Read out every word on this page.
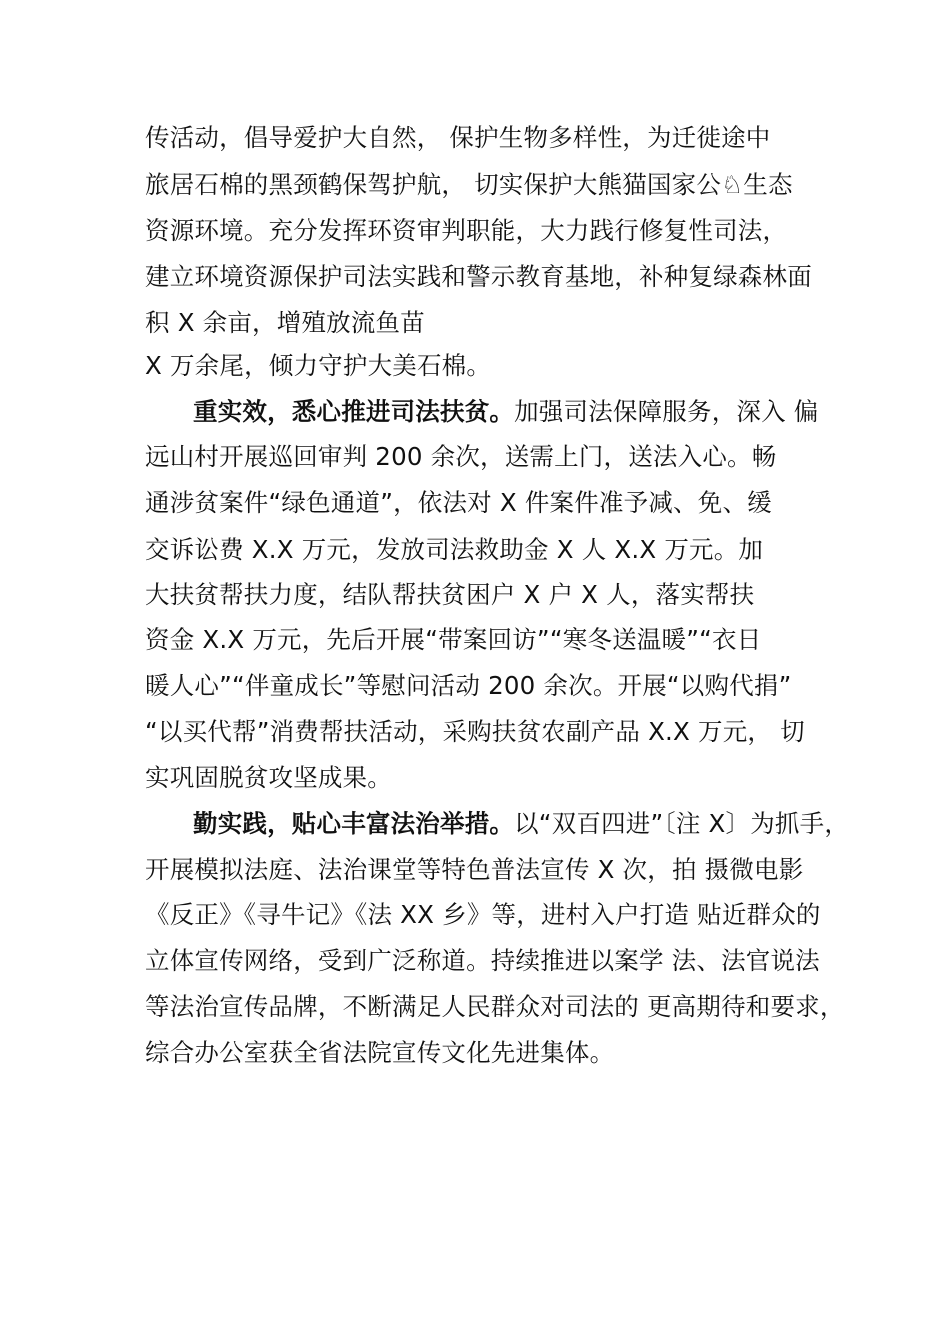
传活动，倡导爱护大自然， 保护生物多样性，为迁徙途中
旅居石棉的黑颈鹤保驾护航， 切实保护大熊猫国家公♘生态
资源环境。充分发挥环资审判职能，大力践行修复性司法，
建立环境资源保护司法实践和警示教育基地，补种复绿森林面
积 X 余亩，增殖放流鱼苗
X 万余尾，倾力守护大美石棉。
重实效，悉心推进司法扶贫。加强司法保障服务，深入 偏
远山村开展巡回审判 200 余次，送需上门，送法入心。畅
通涉贫案件“绿色通道”，依法对 X 件案件准予减、免、缓
交诉讼费 X.X 万元，发放司法救助金 X 人 X.X 万元。加
大扶贫帮扶力度，结队帮扶贫困户 X 户 X 人，落实帮扶
资金 X.X 万元，先后开展“带案回访”“寒冬送温暖”“衣日
暖人心”“伴童成长”等慰问活动 200 余次。开展“以购代捐”
“以买代帮”消费帮扶活动，采购扶贫农副产品 X.X 万元， 切
实巩固脱贫攻坚成果。
勤实践，贴心丰富法治举措。以“双百四进”〔注 X〕为抓手，
开展模拟法庭、法治课堂等特色普法宣传 X 次，拍 摄微电影
《反正》《寻牛记》《法 XX 乡》等，进村入户打造 贴近群众的
立体宣传网络，受到广泛称道。持续推进以案学 法、法官说法
等法治宣传品牌，不断满足人民群众对司法的 更高期待和要求，
综合办公室获全省法院宣传文化先进集体。
